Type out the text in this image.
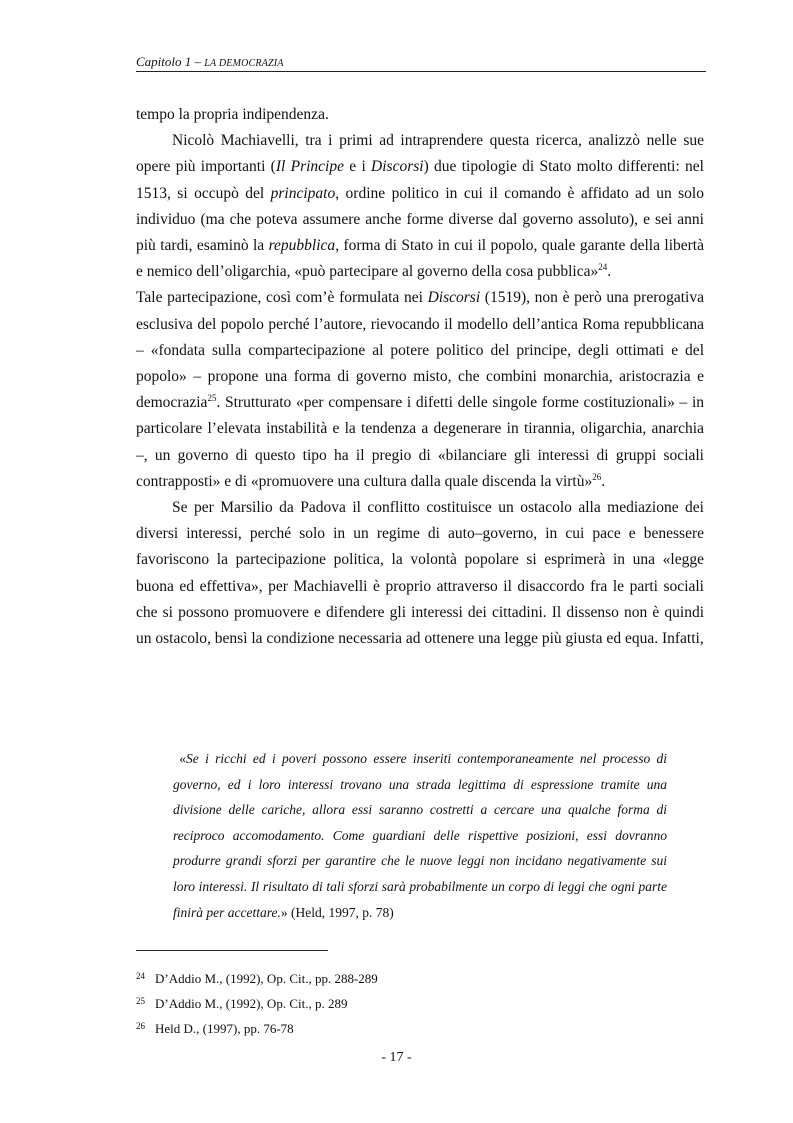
Capitolo 1 – LA DEMOCRAZIA

tempo la propria indipendenza.

Nicolò Machiavelli, tra i primi ad intraprendere questa ricerca, analizzò nelle sue opere più importanti (Il Principe e i Discorsi) due tipologie di Stato molto differenti: nel 1513, si occupò del principato, ordine politico in cui il comando è affidato ad un solo individuo (ma che poteva assumere anche forme diverse dal governo assoluto), e sei anni più tardi, esaminò la repubblica, forma di Stato in cui il popolo, quale garante della libertà e nemico dell’oligarchia, «può partecipare al governo della cosa pubblica»$^{24}$.

Tale partecipazione, così com’è formulata nei Discorsi (1519), non è però una prerogativa esclusiva del popolo perché l’autore, rievocando il modello dell’antica Roma repubblicana – «fondata sulla compartecipazione al potere politico del principe, degli ottimati e del popolo» – propone una forma di governo misto, che combini monarchia, aristocrazia e democrazia$^{25}$. Strutturato «per compensare i difetti delle singole forme costituzionali» – in particolare l’elevata instabilità e la tendenza a degenerare in tirannia, oligarchia, anarchia –, un governo di questo tipo ha il pregio di «bilanciare gli interessi di gruppi sociali contrapposti» e di «promuovere una cultura dalla quale discenda la virtù»$^{26}$.

Se per Marsilio da Padova il conflitto costituisce un ostacolo alla mediazione dei diversi interessi, perché solo in un regime di auto–governo, in cui pace e benessere favoriscono la partecipazione politica, la volontà popolare si esprimerà in una «legge buona ed effettiva», per Machiavelli è proprio attraverso il disaccordo fra le parti sociali che si possono promuovere e difendere gli interessi dei cittadini. Il dissenso non è quindi un ostacolo, bensì la condizione necessaria ad ottenere una legge più giusta ed equa. Infatti,

«Se i ricchi ed i poveri possono essere inseriti contemporaneamente nel processo di governo, ed i loro interessi trovano una strada legittima di espressione tramite una divisione delle cariche, allora essi saranno costretti a cercare una qualche forma di reciproco accomodamento. Come guardiani delle rispettive posizioni, essi dovranno produrre grandi sforzi per garantire che le nuove leggi non incidano negativamente sui loro interessi. Il risultato di tali sforzi sarà probabilmente un corpo di leggi che ogni parte finirà per accettare.» (Held, 1997, p. 78)

24 D’Addio M., (1992), Op. Cit., pp. 288-289
25 D’Addio M., (1992), Op. Cit., p. 289
26 Held D., (1997), pp. 76-78
- 17 -
